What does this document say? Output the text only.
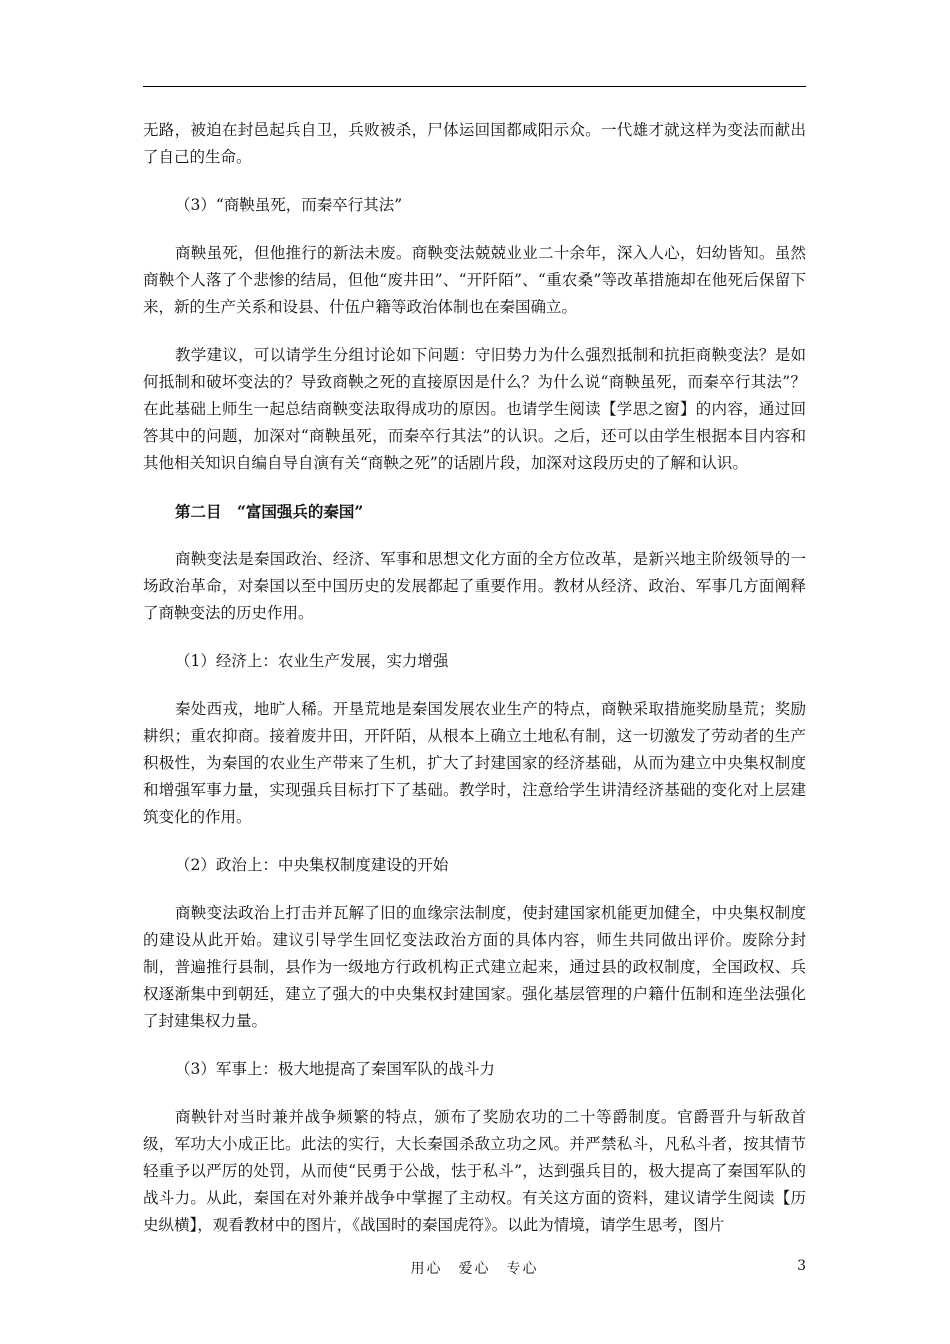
无路，被迫在封邑起兵自卫，兵败被杀，尸体运回国都咸阳示众。一代雄才就这样为变法而献出了自己的生命。

（3）“商鞅虽死，而秦卒行其法”

商鞅虽死，但他推行的新法未废。商鞅变法兢兢业业二十余年，深入人心，妇幼皆知。虽然商鞅个人落了个悲惨的结局，但他“废井田”、“开阡陌”、“重农桑”等改革措施却在他死后保留下来，新的生产关系和设县、什伍户籍等政治体制也在秦国确立。

教学建议，可以请学生分组讨论如下问题：守旧势力为什么强烈抵制和抗拒商鞅变法？是如何抵制和破坏变法的？导致商鞅之死的直接原因是什么？为什么说“商鞅虽死，而秦卒行其法”？在此基础上师生一起总结商鞅变法取得成功的原因。也请学生阅读【学思之窗】的内容，通过回答其中的问题，加深对“商鞅虽死，而秦卒行其法”的认识。之后，还可以由学生根据本目内容和其他相关知识自编自导自演有关“商鞅之死”的话剧片段，加深对这段历史的了解和认识。

第二目　“富国强兵的秦国”

商鞅变法是秦国政治、经济、军事和思想文化方面的全方位改革，是新兴地主阶级领导的一场政治革命，对秦国以至中国历史的发展都起了重要作用。教材从经济、政治、军事几方面阐释了商鞅变法的历史作用。

（1）经济上：农业生产发展，实力增强

秦处西戎，地旷人稀。开垦荒地是秦国发展农业生产的特点，商鞅采取措施奖励垦荒；奖励耕织；重农抑商。接着废井田，开阡陌，从根本上确立土地私有制，这一切激发了劳动者的生产积极性，为秦国的农业生产带来了生机，扩大了封建国家的经济基础，从而为建立中央集权制度和增强军事力量，实现强兵目标打下了基础。教学时，注意给学生讲清经济基础的变化对上层建筑变化的作用。

（2）政治上：中央集权制度建设的开始

商鞅变法政治上打击并瓦解了旧的血缘宗法制度，使封建国家机能更加健全，中央集权制度的建设从此开始。建议引导学生回忆变法政治方面的具体内容，师生共同做出评价。废除分封制，普遍推行县制，县作为一级地方行政机构正式建立起来，通过县的政权制度，全国政权、兵权逐渐集中到朝廷，建立了强大的中央集权封建国家。强化基层管理的户籍什伍制和连坐法强化了封建集权力量。

（3）军事上：极大地提高了秦国军队的战斗力

商鞅针对当时兼并战争频繁的特点，颁布了奖励农功的二十等爵制度。官爵晋升与斩敌首级，军功大小成正比。此法的实行，大长秦国杀敌立功之风。并严禁私斗，凡私斗者，按其情节轻重予以严厉的处罚，从而使“民勇于公战，怯于私斗”，达到强兵目的，极大提高了秦国军队的战斗力。从此，秦国在对外兼并战争中掌握了主动权。有关这方面的资料，建议请学生阅读【历史纵横】，观看教材中的图片，《战国时的秦国虎符》。以此为情境，请学生思考，图片

用心　爱心　专心	3
